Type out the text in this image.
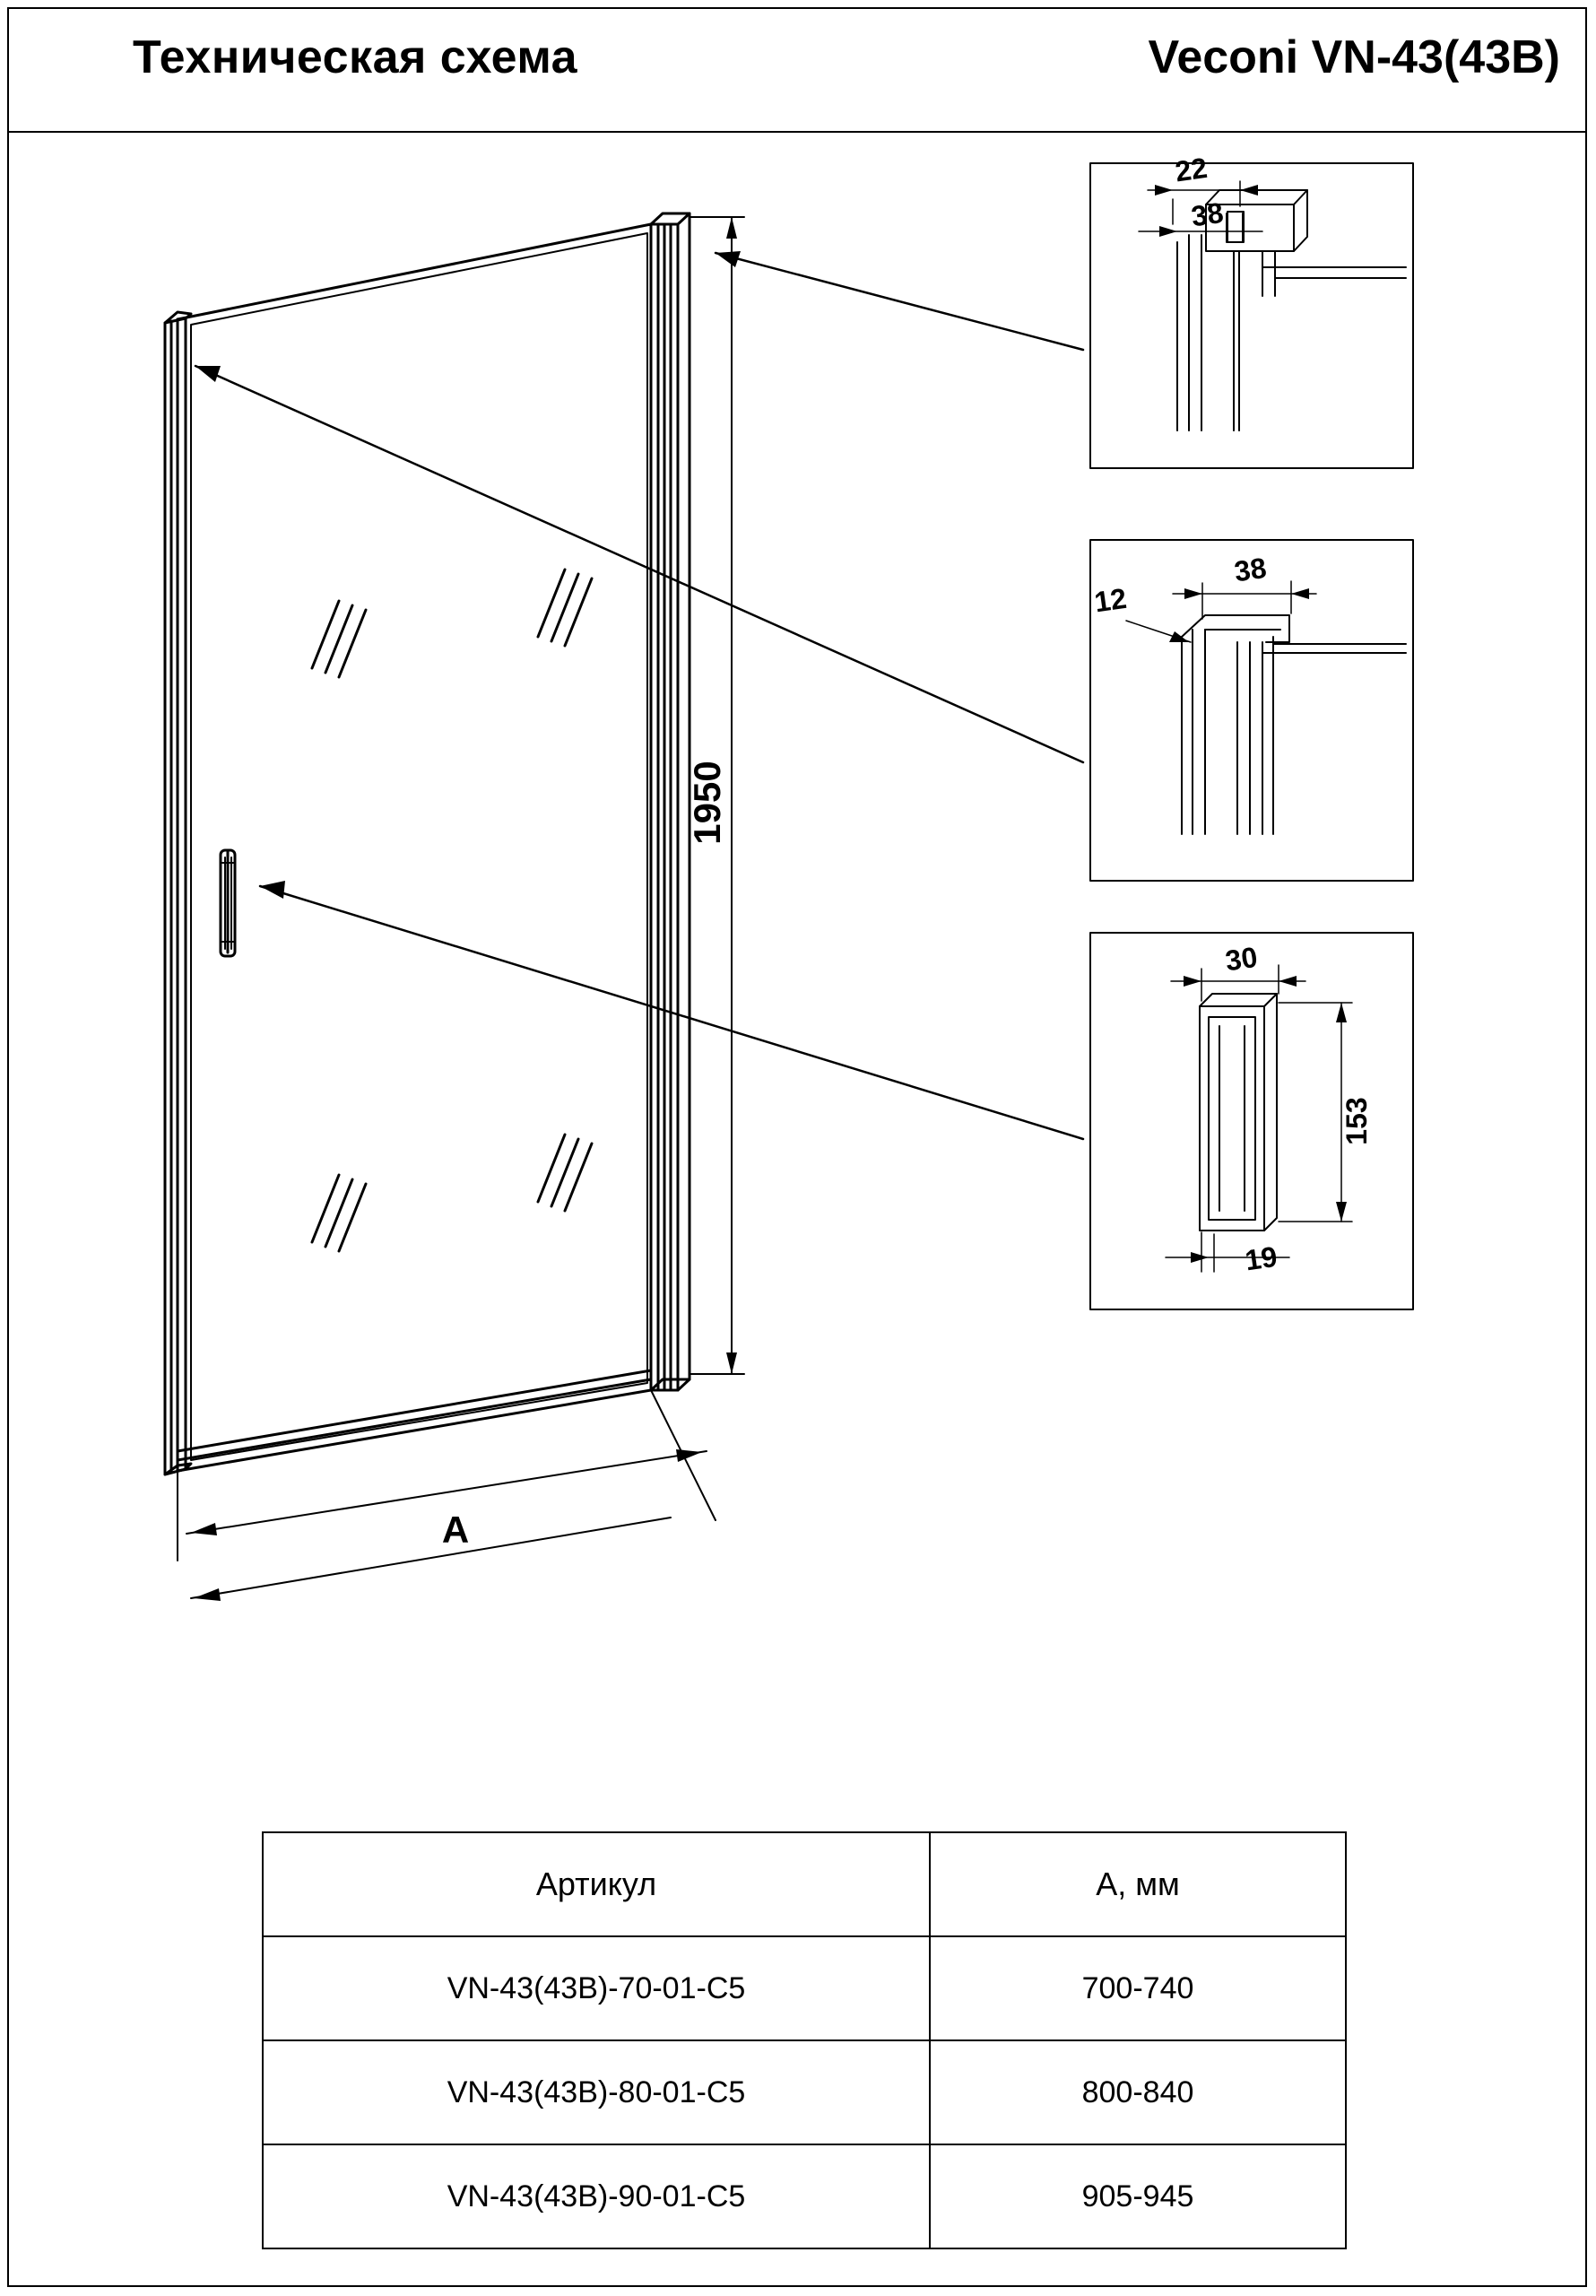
Техническая схема	Veconi VN-43(43B)
1950
A
22
38
38
12
30
153
19
Артикул	A, мм
VN-43(43B)-70-01-C5	700-740
VN-43(43B)-80-01-C5	800-840
VN-43(43B)-90-01-C5	905-945
